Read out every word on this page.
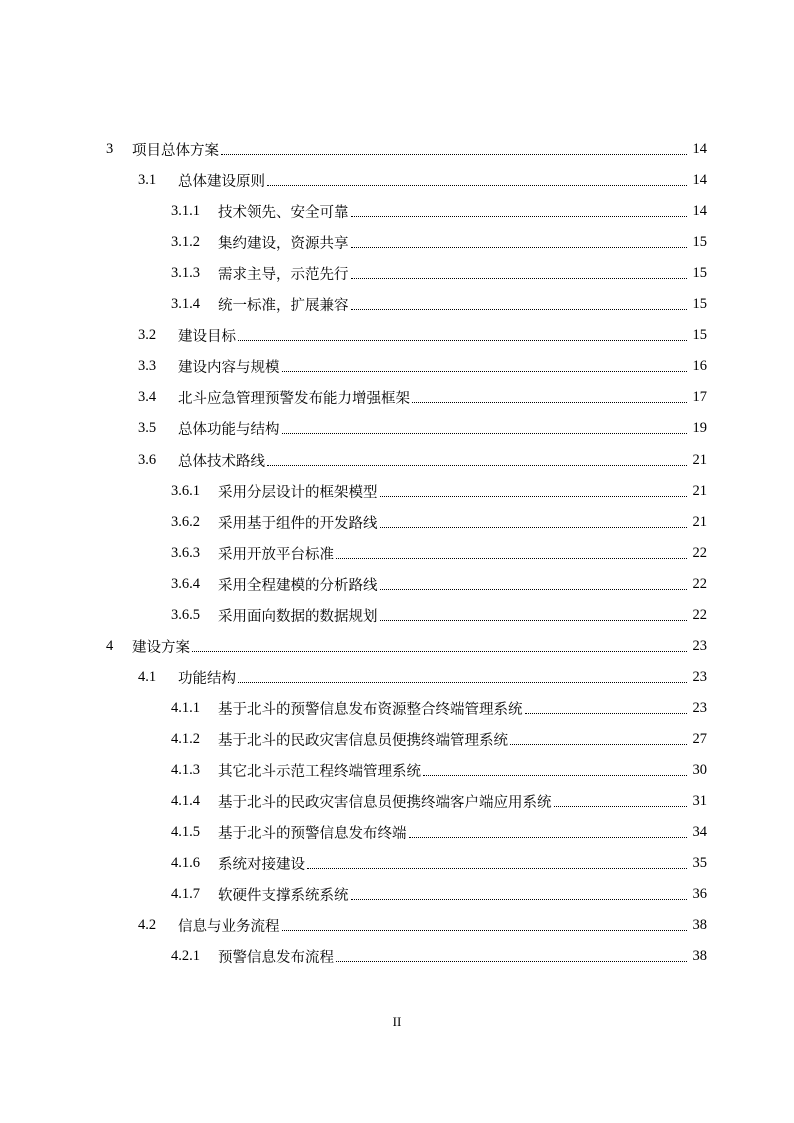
3	项目总体方案	14
3.1	总体建设原则	14
3.1.1	技术领先、安全可靠	14
3.1.2	集约建设，资源共享	15
3.1.3	需求主导，示范先行	15
3.1.4	统一标准，扩展兼容	15
3.2	建设目标	15
3.3	建设内容与规模	16
3.4	北斗应急管理预警发布能力增强框架	17
3.5	总体功能与结构	19
3.6	总体技术路线	21
3.6.1	采用分层设计的框架模型	21
3.6.2	采用基于组件的开发路线	21
3.6.3	采用开放平台标准	22
3.6.4	采用全程建模的分析路线	22
3.6.5	采用面向数据的数据规划	22
4	建设方案	23
4.1	功能结构	23
4.1.1	基于北斗的预警信息发布资源整合终端管理系统	23
4.1.2	基于北斗的民政灾害信息员便携终端管理系统	27
4.1.3	其它北斗示范工程终端管理系统	30
4.1.4	基于北斗的民政灾害信息员便携终端客户端应用系统	31
4.1.5	基于北斗的预警信息发布终端	34
4.1.6	系统对接建设	35
4.1.7	软硬件支撑系统系统	36
4.2	信息与业务流程	38
4.2.1	预警信息发布流程	38
II
